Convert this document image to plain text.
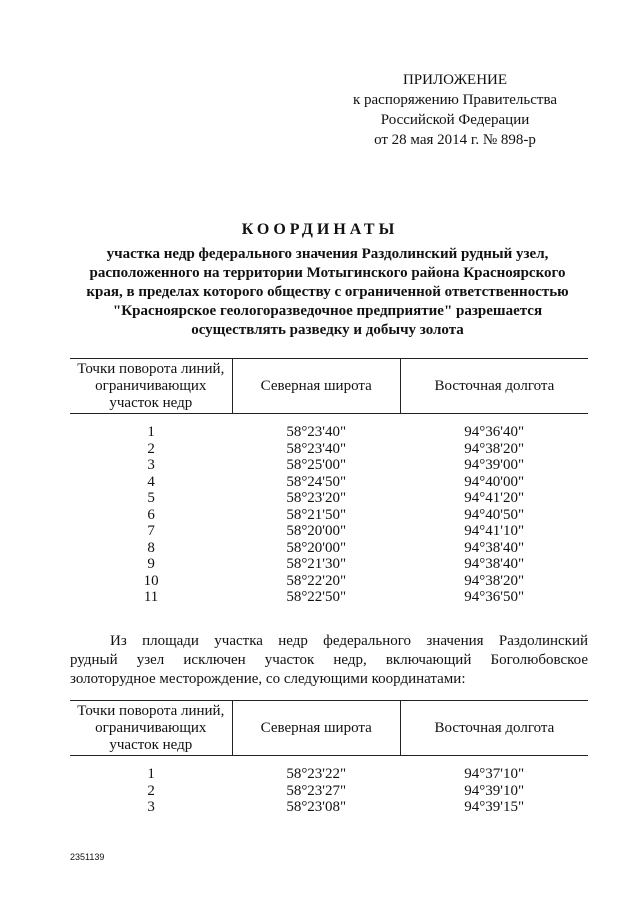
ПРИЛОЖЕНИЕ
к распоряжению Правительства
Российской Федерации
от 28 мая 2014 г. № 898-р
КООРДИНАТЫ
участка недр федерального значения Раздолинский рудный узел,
расположенного на территории Мотыгинского района Красноярского
края, в пределах которого обществу с ограниченной ответственностью
"Красноярское геологоразведочное предприятие" разрешается
осуществлять разведку и добычу золота
Точки поворота линий,
ограничивающих
участок недр	Северная широта	Восточная долгота

1	58°23'40"	94°36'40"
2	58°23'40"	94°38'20"
3	58°25'00"	94°39'00"
4	58°24'50"	94°40'00"
5	58°23'20"	94°41'20"
6	58°21'50"	94°40'50"
7	58°20'00"	94°41'10"
8	58°20'00"	94°38'40"
9	58°21'30"	94°38'40"
10	58°22'20"	94°38'20"
11	58°22'50"	94°36'50"
Из площади участка недр федерального значения Раздолинский
рудный узел исключен участок недр, включающий Боголюбовское
золоторудное месторождение, со следующими координатами:
Точки поворота линий,
ограничивающих
участок недр	Северная широта	Восточная долгота

1	58°23'22"	94°37'10"
2	58°23'27"	94°39'10"
3	58°23'08"	94°39'15"
2351139
